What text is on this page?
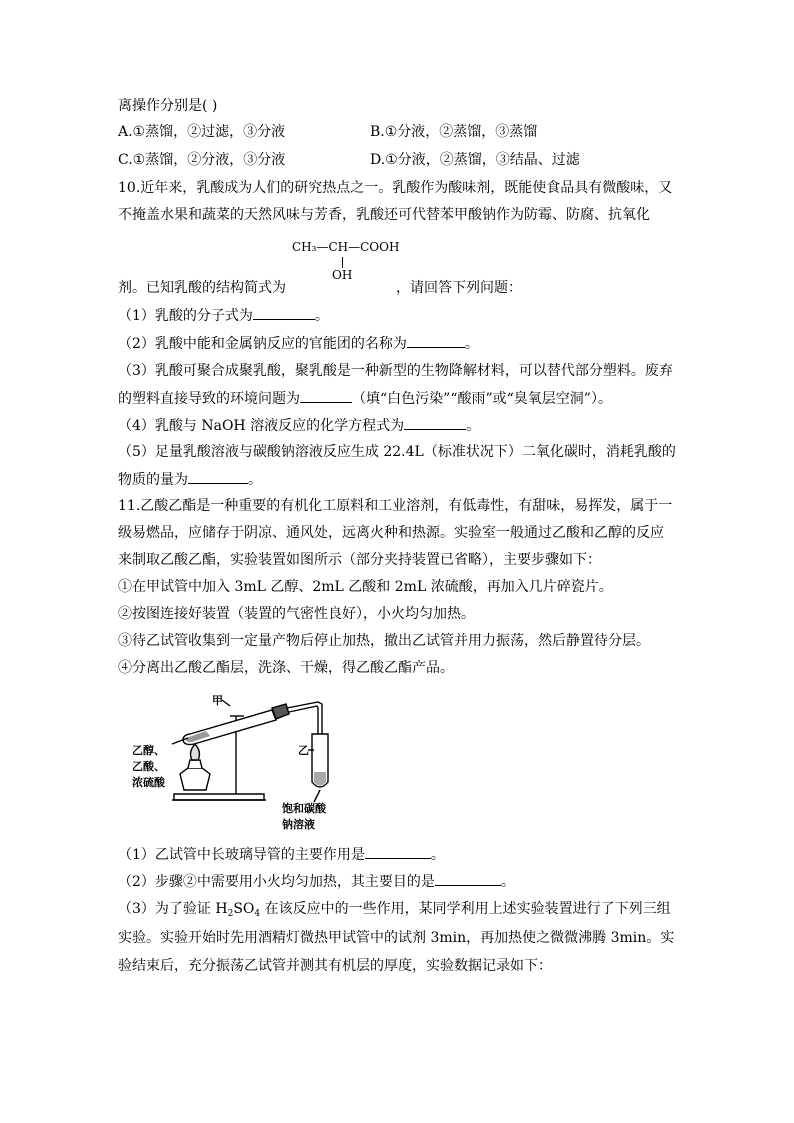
离操作分别是( )
A.①蒸馏，②过滤，③分液	B.①分液，②蒸馏，③蒸馏
C.①蒸馏，②分液，③分液	D.①分液，②蒸馏，③结晶、过滤
10.近年来，乳酸成为人们的研究热点之一。乳酸作为酸味剂，既能使食品具有微酸味，又
不掩盖水果和蔬菜的天然风味与芳香，乳酸还可代替苯甲酸钠作为防霉、防腐、抗氧化
CH₃—CH—COOH
OH
剂。已知乳酸的结构简式为	，请回答下列问题：
（1）乳酸的分子式为	。
（2）乳酸中能和金属钠反应的官能团的名称为	。
（3）乳酸可聚合成聚乳酸，聚乳酸是一种新型的生物降解材料，可以替代部分塑料。废弃
的塑料直接导致的环境问题为	（填“白色污染”“酸雨”或“臭氧层空洞”）。
（4）乳酸与 NaOH 溶液反应的化学方程式为	。
（5）足量乳酸溶液与碳酸钠溶液反应生成 22.4L（标准状况下）二氧化碳时，消耗乳酸的
物质的量为	。
11.乙酸乙酯是一种重要的有机化工原料和工业溶剂，有低毒性，有甜味，易挥发，属于一
级易燃品，应储存于阴凉、通风处，远离火种和热源。实验室一般通过乙酸和乙醇的反应
来制取乙酸乙酯，实验装置如图所示（部分夹持装置已省略），主要步骤如下：
①在甲试管中加入 3mL 乙醇、2mL 乙酸和 2mL 浓硫酸，再加入几片碎瓷片。
②按图连接好装置（装置的气密性良好），小火均匀加热。
③待乙试管收集到一定量产物后停止加热，撤出乙试管并用力振荡，然后静置待分层。
④分离出乙酸乙酯层，洗涤、干燥，得乙酸乙酯产品。
甲
乙
乙醇、
乙酸、
浓硫酸
饱和碳酸
钠溶液
（1）乙试管中长玻璃导管的主要作用是	。
（2）步骤②中需要用小火均匀加热，其主要目的是	。
（3）为了验证 $H_2SO_4$ 在该反应中的一些作用，某同学利用上述实验装置进行了下列三组
实验。实验开始时先用酒精灯微热甲试管中的试剂 3min，再加热使之微微沸腾 3min。实
验结束后，充分振荡乙试管并测其有机层的厚度，实验数据记录如下：
